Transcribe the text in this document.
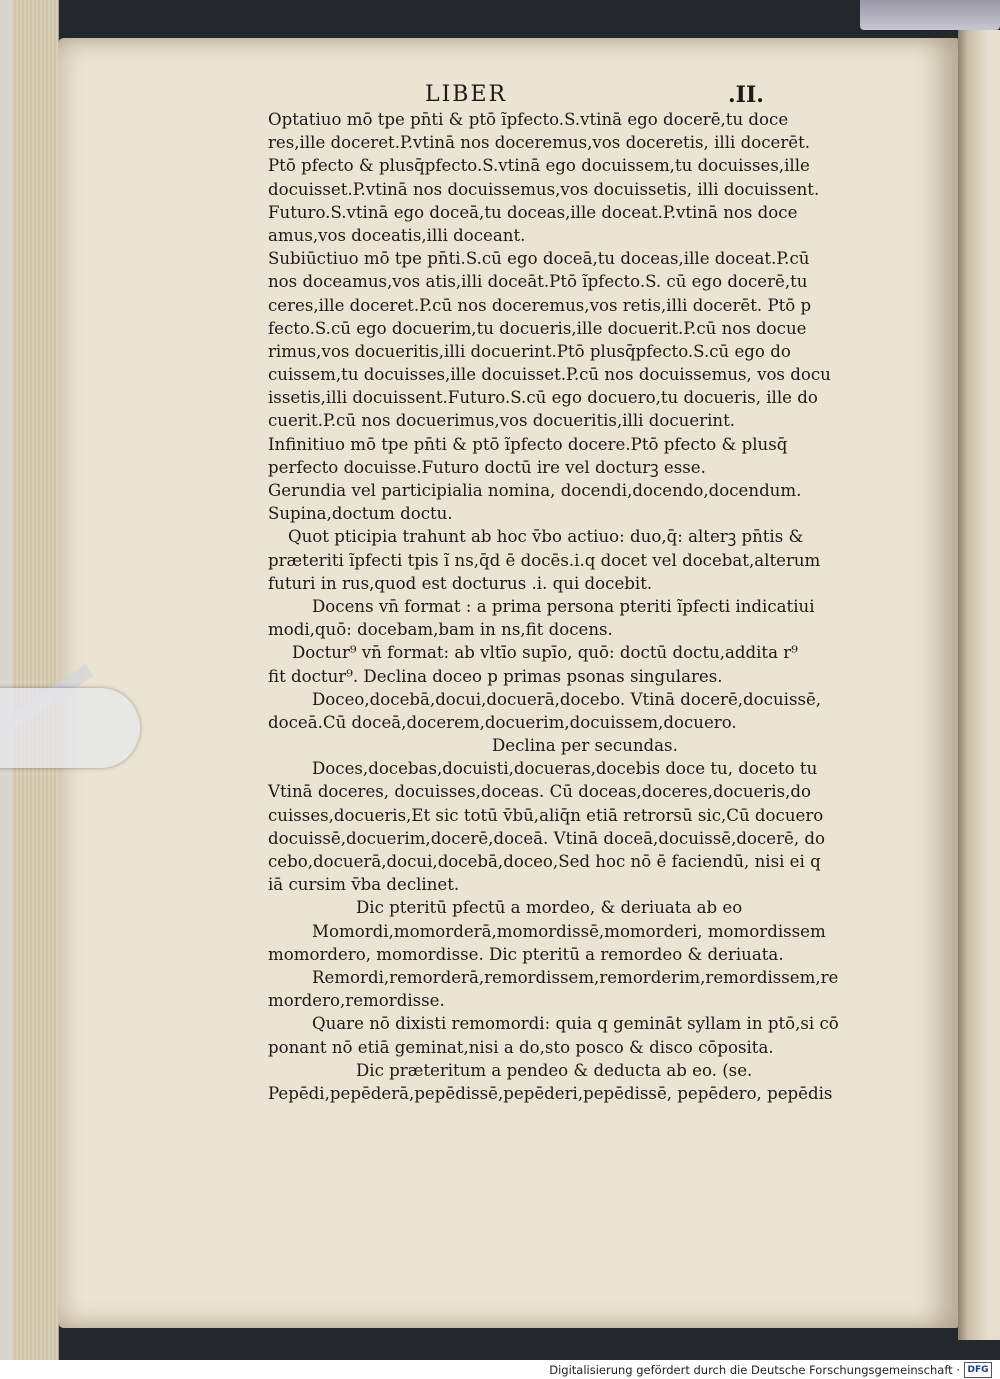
LIBER	.II.
Optatiuo mō tpe pn̄ti & ptō ĩpfecto.S.vtinā ego docerē,tu doce
res,ille doceret.P.vtinā nos doceremus,vos doceretis, illi docerēt.
Ptō pfecto & plusq̄pfecto.S.vtinā ego docuissem,tu docuisses,ille
docuisset.P.vtinā nos docuissemus,vos docuissetis, illi docuissent.
Futuro.S.vtinā ego doceā,tu doceas,ille doceat.P.vtinā nos doce
amus,vos doceatis,illi doceant.
Subiūctiuo mō tpe pn̄ti.S.cū ego doceā,tu doceas,ille doceat.P.cū
nos doceamus,vos atis,illi doceāt.Ptō ĩpfecto.S. cū ego docerē,tu
ceres,ille doceret.P.cū nos doceremus,vos retis,illi docerēt. Ptō p
fecto.S.cū ego docuerim,tu docueris,ille docuerit.P.cū nos docue
rimus,vos docueritis,illi docuerint.Ptō plusq̄pfecto.S.cū ego do
cuissem,tu docuisses,ille docuisset.P.cū nos docuissemus, vos docu
issetis,illi docuissent.Futuro.S.cū ego docuero,tu docueris, ille do
cuerit.P.cū nos docuerimus,vos docueritis,illi docuerint.
Infinitiuo mō tpe pn̄ti & ptō ĩpfecto docere.Ptō pfecto & plusq̄
perfecto docuisse.Futuro doctū ire vel docturꝫ esse.
Gerundia vel participialia nomina, docendi,docendo,docendum.
Supina,doctum doctu.
Quot pticipia trahunt ab hoc v̄bo actiuo: duo,q̄: alterꝫ pn̄tis &
præteriti ĩpfecti tpis ĩ ns,q̄d ē docēs.i.q docet vel docebat,alterum
futuri in rus,quod est docturus .i. qui docebit.
Docens vn̄ format : a prima persona pteriti ĩpfecti indicatiui
modi,quō: docebam,bam in ns,fit docens.
Doctur⁹ vn̄ format: ab vltīo supīo, quō: doctū doctu,addita r⁹
fit doctur⁹. Declina doceo p primas psonas singulares.
Doceo,docebā,docui,docuerā,docebo. Vtinā docerē,docuissē,
doceā.Cū doceā,docerem,docuerim,docuissem,docuero.
Declina per secundas.
Doces,docebas,docuisti,docueras,docebis doce tu, doceto tu
Vtinā doceres, docuisses,doceas. Cū doceas,doceres,docueris,do
cuisses,docueris,Et sic totū v̄bū,aliq̄n etiā retrorsū sic,Cū docuero
docuissē,docuerim,docerē,doceā. Vtinā doceā,docuissē,docerē, do
cebo,docuerā,docui,docebā,doceo,Sed hoc nō ē faciendū, nisi ei q
iā cursim v̄ba declinet.
Dic pteritū pfectū a mordeo, & deriuata ab eo
Momordi,momorderā,momordissē,momorderi, momordissem
momordero, momordisse. Dic pteritū a remordeo & deriuata.
Remordi,remorderā,remordissem,remorderim,remordissem,re
mordero,remordisse.
Quare nō dixisti remomordi: quia q gemināt syllam in ptō,si cō
ponant nō etiā geminat,nisi a do,sto posco & disco cōposita.
Dic præteritum a pendeo & deducta ab eo. (se.
Pepēdi,pepēderā,pepēdissē,pepēderi,pepēdissē, pepēdero, pepēdis
Digitalisierung gefördert durch die Deutsche Forschungsgemeinschaft · DFG
